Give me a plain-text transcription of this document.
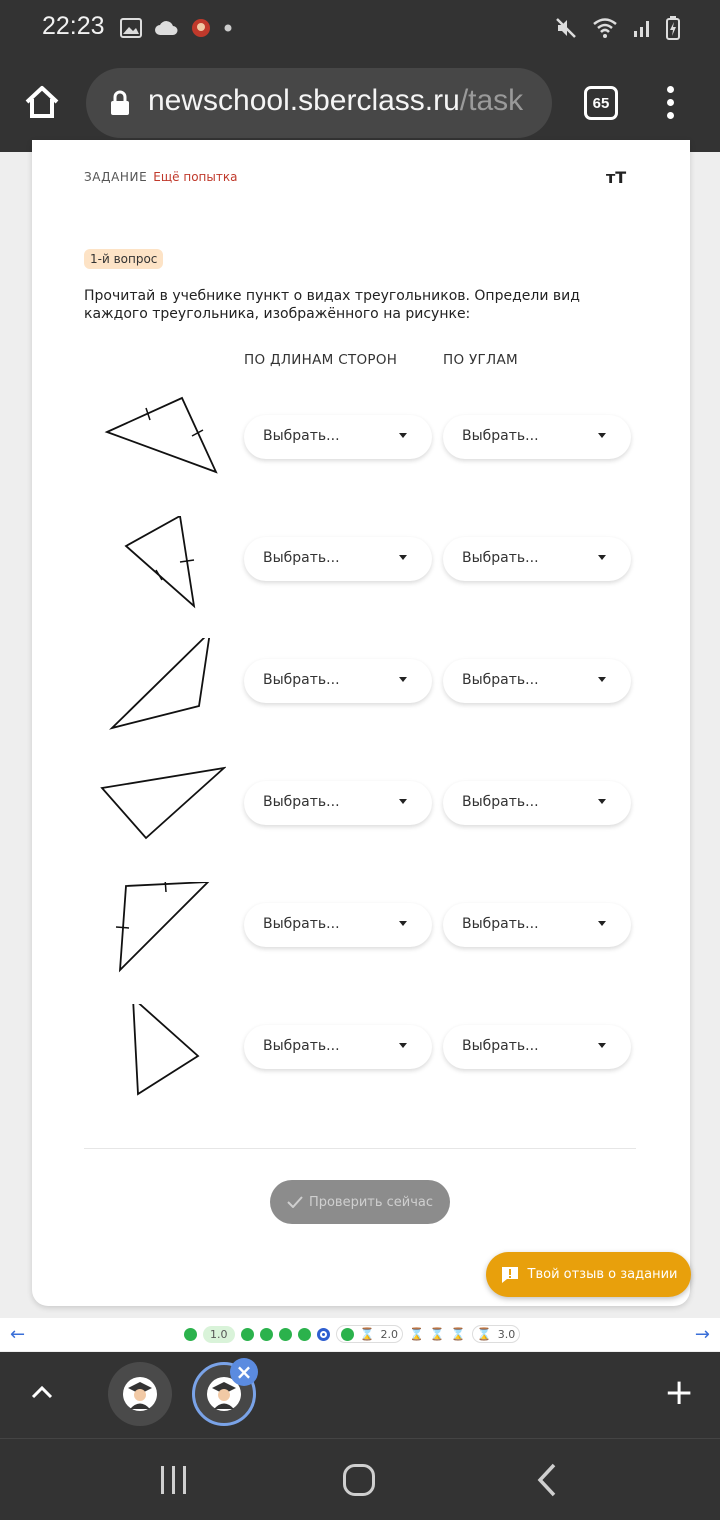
22:23
newschool.sberclass.ru/task	65
ЗАДАНИЕ Ещё попытка	тТ
1-й вопрос
Прочитай в учебнике пункт о видах треугольников. Определи вид каждого треугольника, изображённого на рисунке:
ПО ДЛИНАМ СТОРОН	ПО УГЛАМ
Выбрать...	Выбрать...
Выбрать...	Выбрать...
Выбрать...	Выбрать...
Выбрать...	Выбрать...
Выбрать...	Выбрать...
Выбрать...	Выбрать...
Проверить сейчас
Твой отзыв о задании
←	1.0	⌛ 2.0 ⌛ ⌛ ⌛ ⌛ 3.0	→
×	+
